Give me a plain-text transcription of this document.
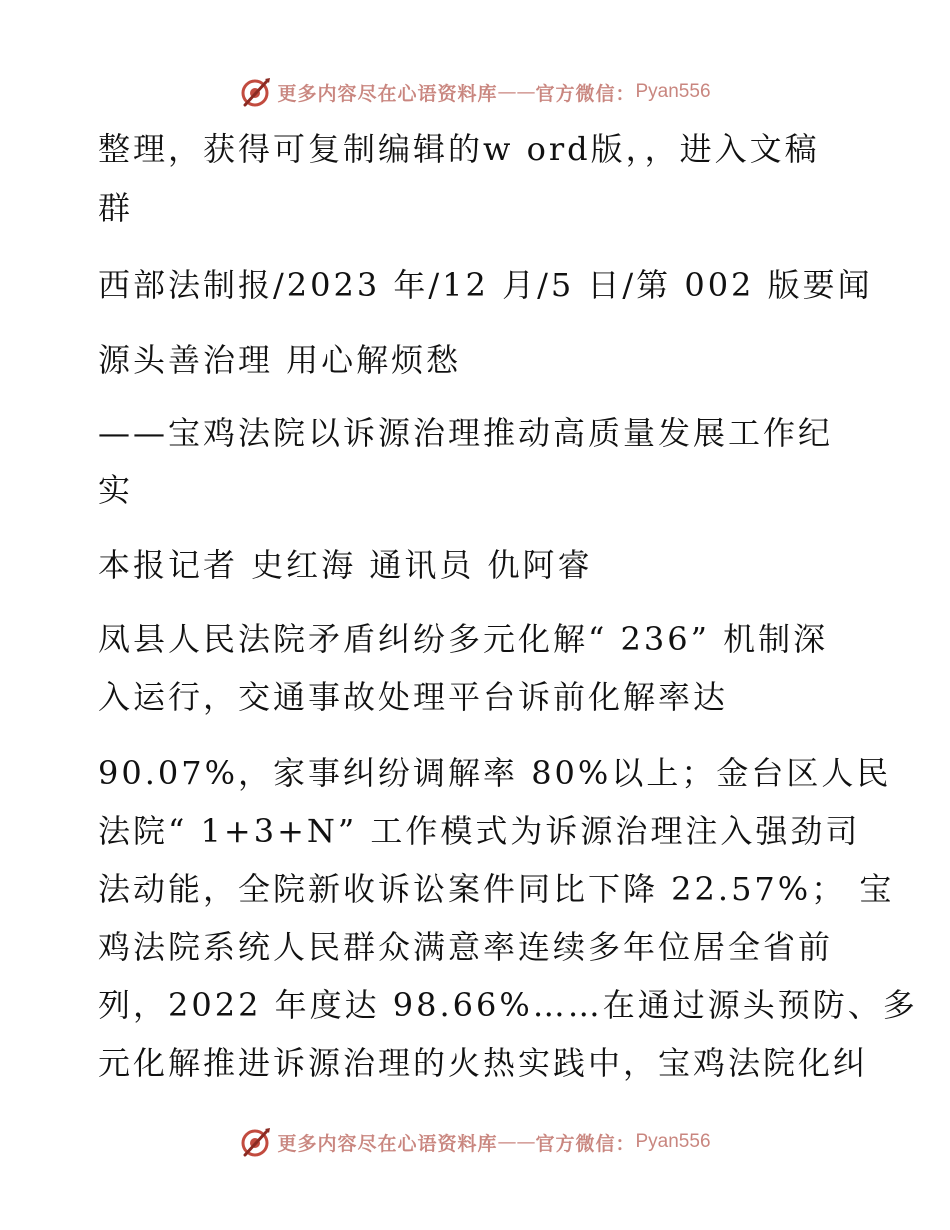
更多内容尽在心语资料库 —— 官方微信： Pyan556
整理，获得可复制编辑的w ord版，，进入文稿
群
西部法制报/2023 年/12 月/5 日/第 002 版要闻
源头善治理 用心解烦愁
——宝鸡法院以诉源治理推动高质量发展工作纪
实
本报记者 史红海 通讯员 仇阿睿
凤县人民法院矛盾纠纷多元化解“ 236” 机制深
入运行，交通事故处理平台诉前化解率达
90.07%，家事纠纷调解率 80%以上；金台区人民
法院“ 1+3+N” 工作模式为诉源治理注入强劲司
法动能，全院新收诉讼案件同比下降 22.57%； 宝
鸡法院系统人民群众满意率连续多年位居全省前
列，2022 年度达 98.66%……在通过源头预防、多
元化解推进诉源治理的火热实践中，宝鸡法院化纠
更多内容尽在心语资料库 —— 官方微信： Pyan556
